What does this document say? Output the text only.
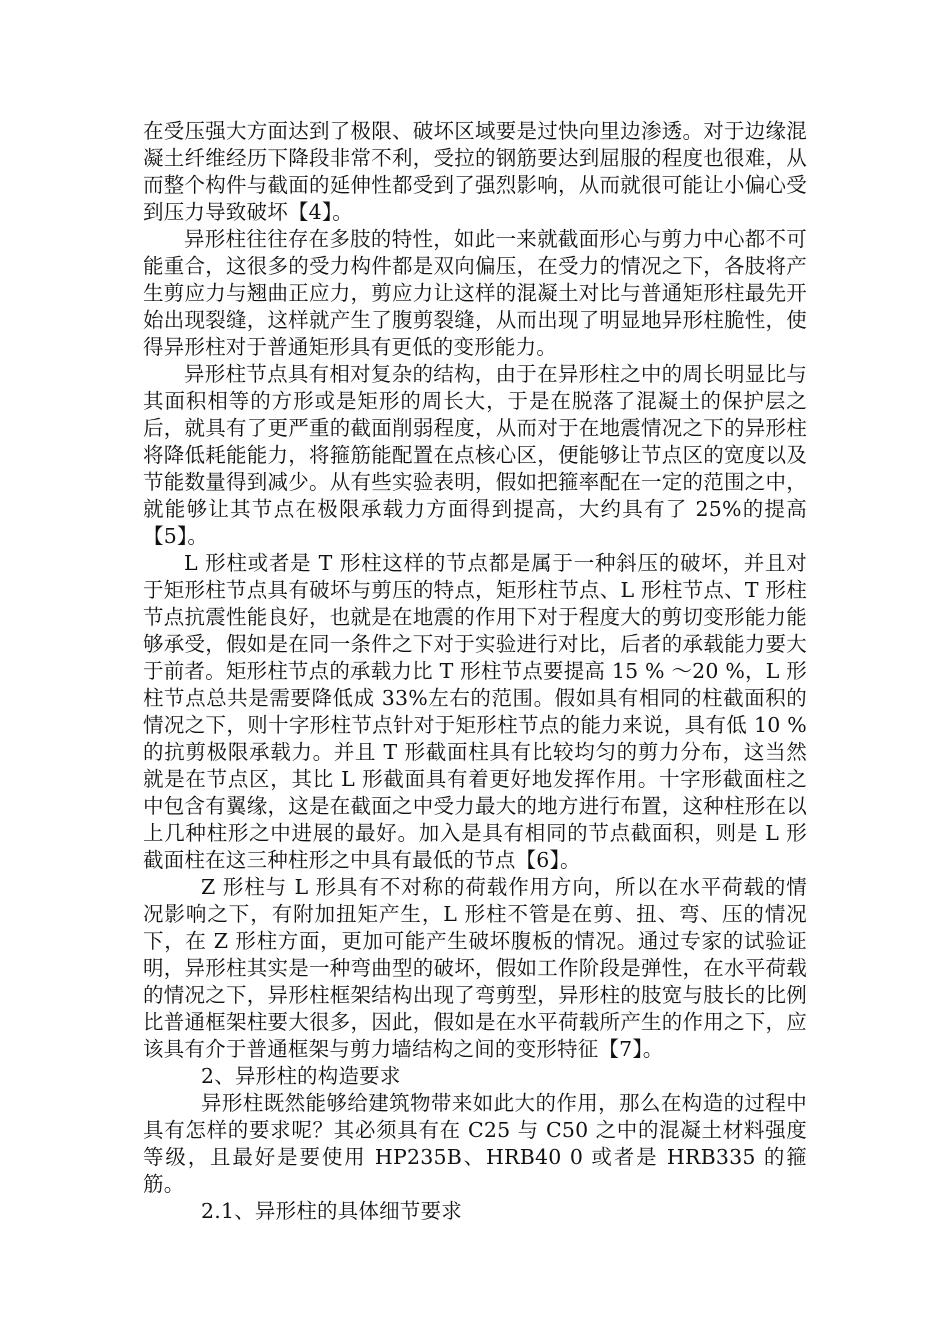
在受压强大方面达到了极限、破坏区域要是过快向里边渗透。对于边缘混凝土纤维经历下降段非常不利，受拉的钢筋要达到屈服的程度也很难，从而整个构件与截面的延伸性都受到了强烈影响，从而就很可能让小偏心受到压力导致破坏【4】。

异形柱往往存在多肢的特性，如此一来就截面形心与剪力中心都不可能重合，这很多的受力构件都是双向偏压，在受力的情况之下，各肢将产生剪应力与翘曲正应力，剪应力让这样的混凝土对比与普通矩形柱最先开始出现裂缝，这样就产生了腹剪裂缝，从而出现了明显地异形柱脆性，使得异形柱对于普通矩形具有更低的变形能力。

异形柱节点具有相对复杂的结构，由于在异形柱之中的周长明显比与其面积相等的方形或是矩形的周长大，于是在脱落了混凝土的保护层之后，就具有了更严重的截面削弱程度，从而对于在地震情况之下的异形柱将降低耗能能力，将箍筋能配置在点核心区，便能够让节点区的宽度以及节能数量得到减少。从有些实验表明，假如把箍率配在一定的范围之中，就能够让其节点在极限承载力方面得到提高，大约具有了 25%的提高【5】。

L 形柱或者是 T 形柱这样的节点都是属于一种斜压的破坏，并且对于矩形柱节点具有破坏与剪压的特点，矩形柱节点、L 形柱节点、T 形柱节点抗震性能良好，也就是在地震的作用下对于程度大的剪切变形能力能够承受，假如是在同一条件之下对于实验进行对比，后者的承载能力要大于前者。矩形柱节点的承载力比 T 形柱节点要提高 15 % ～20 %，L 形柱节点总共是需要降低成 33%左右的范围。假如具有相同的柱截面积的情况之下，则十字形柱节点针对于矩形柱节点的能力来说，具有低 10 %的抗剪极限承载力。并且 T 形截面柱具有比较均匀的剪力分布，这当然就是在节点区，其比 L 形截面具有着更好地发挥作用。十字形截面柱之中包含有翼缘，这是在截面之中受力最大的地方进行布置，这种柱形在以上几种柱形之中进展的最好。加入是具有相同的节点截面积，则是 L 形截面柱在这三种柱形之中具有最低的节点【6】。

Z 形柱与 L 形具有不对称的荷载作用方向，所以在水平荷载的情况影响之下，有附加扭矩产生，L 形柱不管是在剪、扭、弯、压的情况下，在 Z 形柱方面，更加可能产生破坏腹板的情况。通过专家的试验证明，异形柱其实是一种弯曲型的破坏，假如工作阶段是弹性，在水平荷载的情况之下，异形柱框架结构出现了弯剪型，异形柱的肢宽与肢长的比例比普通框架柱要大很多，因此，假如是在水平荷载所产生的作用之下，应该具有介于普通框架与剪力墙结构之间的变形特征【7】。

2、异形柱的构造要求

异形柱既然能够给建筑物带来如此大的作用，那么在构造的过程中具有怎样的要求呢？其必须具有在 C25 与 C50 之中的混凝土材料强度等级，且最好是要使用 HP235B、HRB40 0 或者是 HRB335 的箍筋。

2.1、异形柱的具体细节要求
